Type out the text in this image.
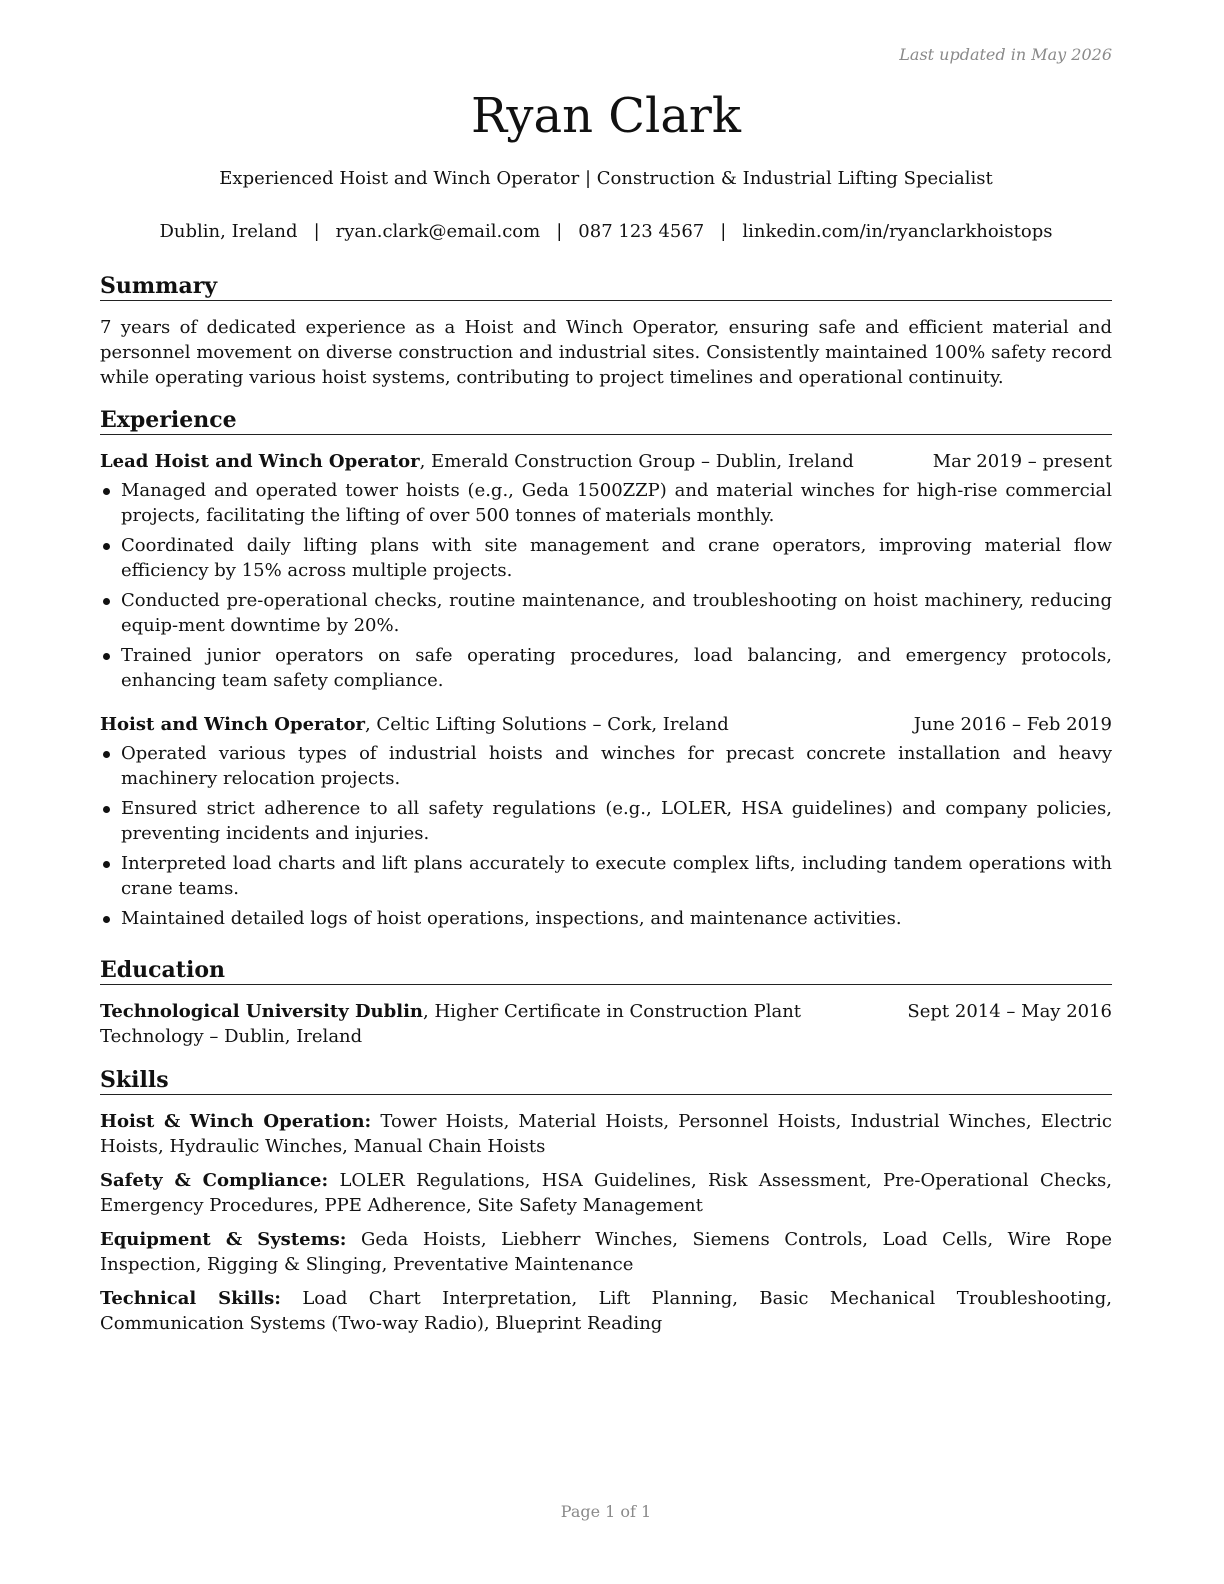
Last updated in May 2026
Ryan Clark
Experienced Hoist and Winch Operator | Construction & Industrial Lifting Specialist
Dublin, Ireland | ryan.clark@email.com | 087 123 4567 | linkedin.com/in/ryanclarkhoistops
Summary

7 years of dedicated experience as a Hoist and Winch Operator, ensuring safe and efficient material and personnel movement on diverse construction and industrial sites. Consistently maintained 100% safety record while operating various hoist systems, contributing to project timelines and operational continuity.

Experience
Lead Hoist and Winch Operator, Emerald Construction Group – Dublin, Ireland	Mar 2019 – present
Managed and operated tower hoists (e.g., Geda 1500ZZP) and material winches for high-rise commercial projects, facilitating the lifting of over 500 tonnes of materials monthly.
Coordinated daily lifting plans with site management and crane operators, improving material flow efficiency by 15% across multiple projects.
Conducted pre-operational checks, routine maintenance, and troubleshooting on hoist machinery, reducing equip-ment downtime by 20%.
Trained junior operators on safe operating procedures, load balancing, and emergency protocols, enhancing team safety compliance.
Hoist and Winch Operator, Celtic Lifting Solutions – Cork, Ireland	June 2016 – Feb 2019
Operated various types of industrial hoists and winches for precast concrete installation and heavy machinery relocation projects.
Ensured strict adherence to all safety regulations (e.g., LOLER, HSA guidelines) and company policies, preventing incidents and injuries.
Interpreted load charts and lift plans accurately to execute complex lifts, including tandem operations with crane teams.
Maintained detailed logs of hoist operations, inspections, and maintenance activities.
Education
Technological University Dublin, Higher Certificate in Construction Plant Technology – Dublin, Ireland
Sept 2014 – May 2016
Skills

Hoist & Winch Operation: Tower Hoists, Material Hoists, Personnel Hoists, Industrial Winches, Electric Hoists, Hydraulic Winches, Manual Chain Hoists

Safety & Compliance: LOLER Regulations, HSA Guidelines, Risk Assessment, Pre-Operational Checks, Emergency Procedures, PPE Adherence, Site Safety Management

Equipment & Systems: Geda Hoists, Liebherr Winches, Siemens Controls, Load Cells, Wire Rope Inspection, Rigging & Slinging, Preventative Maintenance

Technical Skills: Load Chart Interpretation, Lift Planning, Basic Mechanical Troubleshooting, Communication Systems (Two-way Radio), Blueprint Reading

Page 1 of 1
